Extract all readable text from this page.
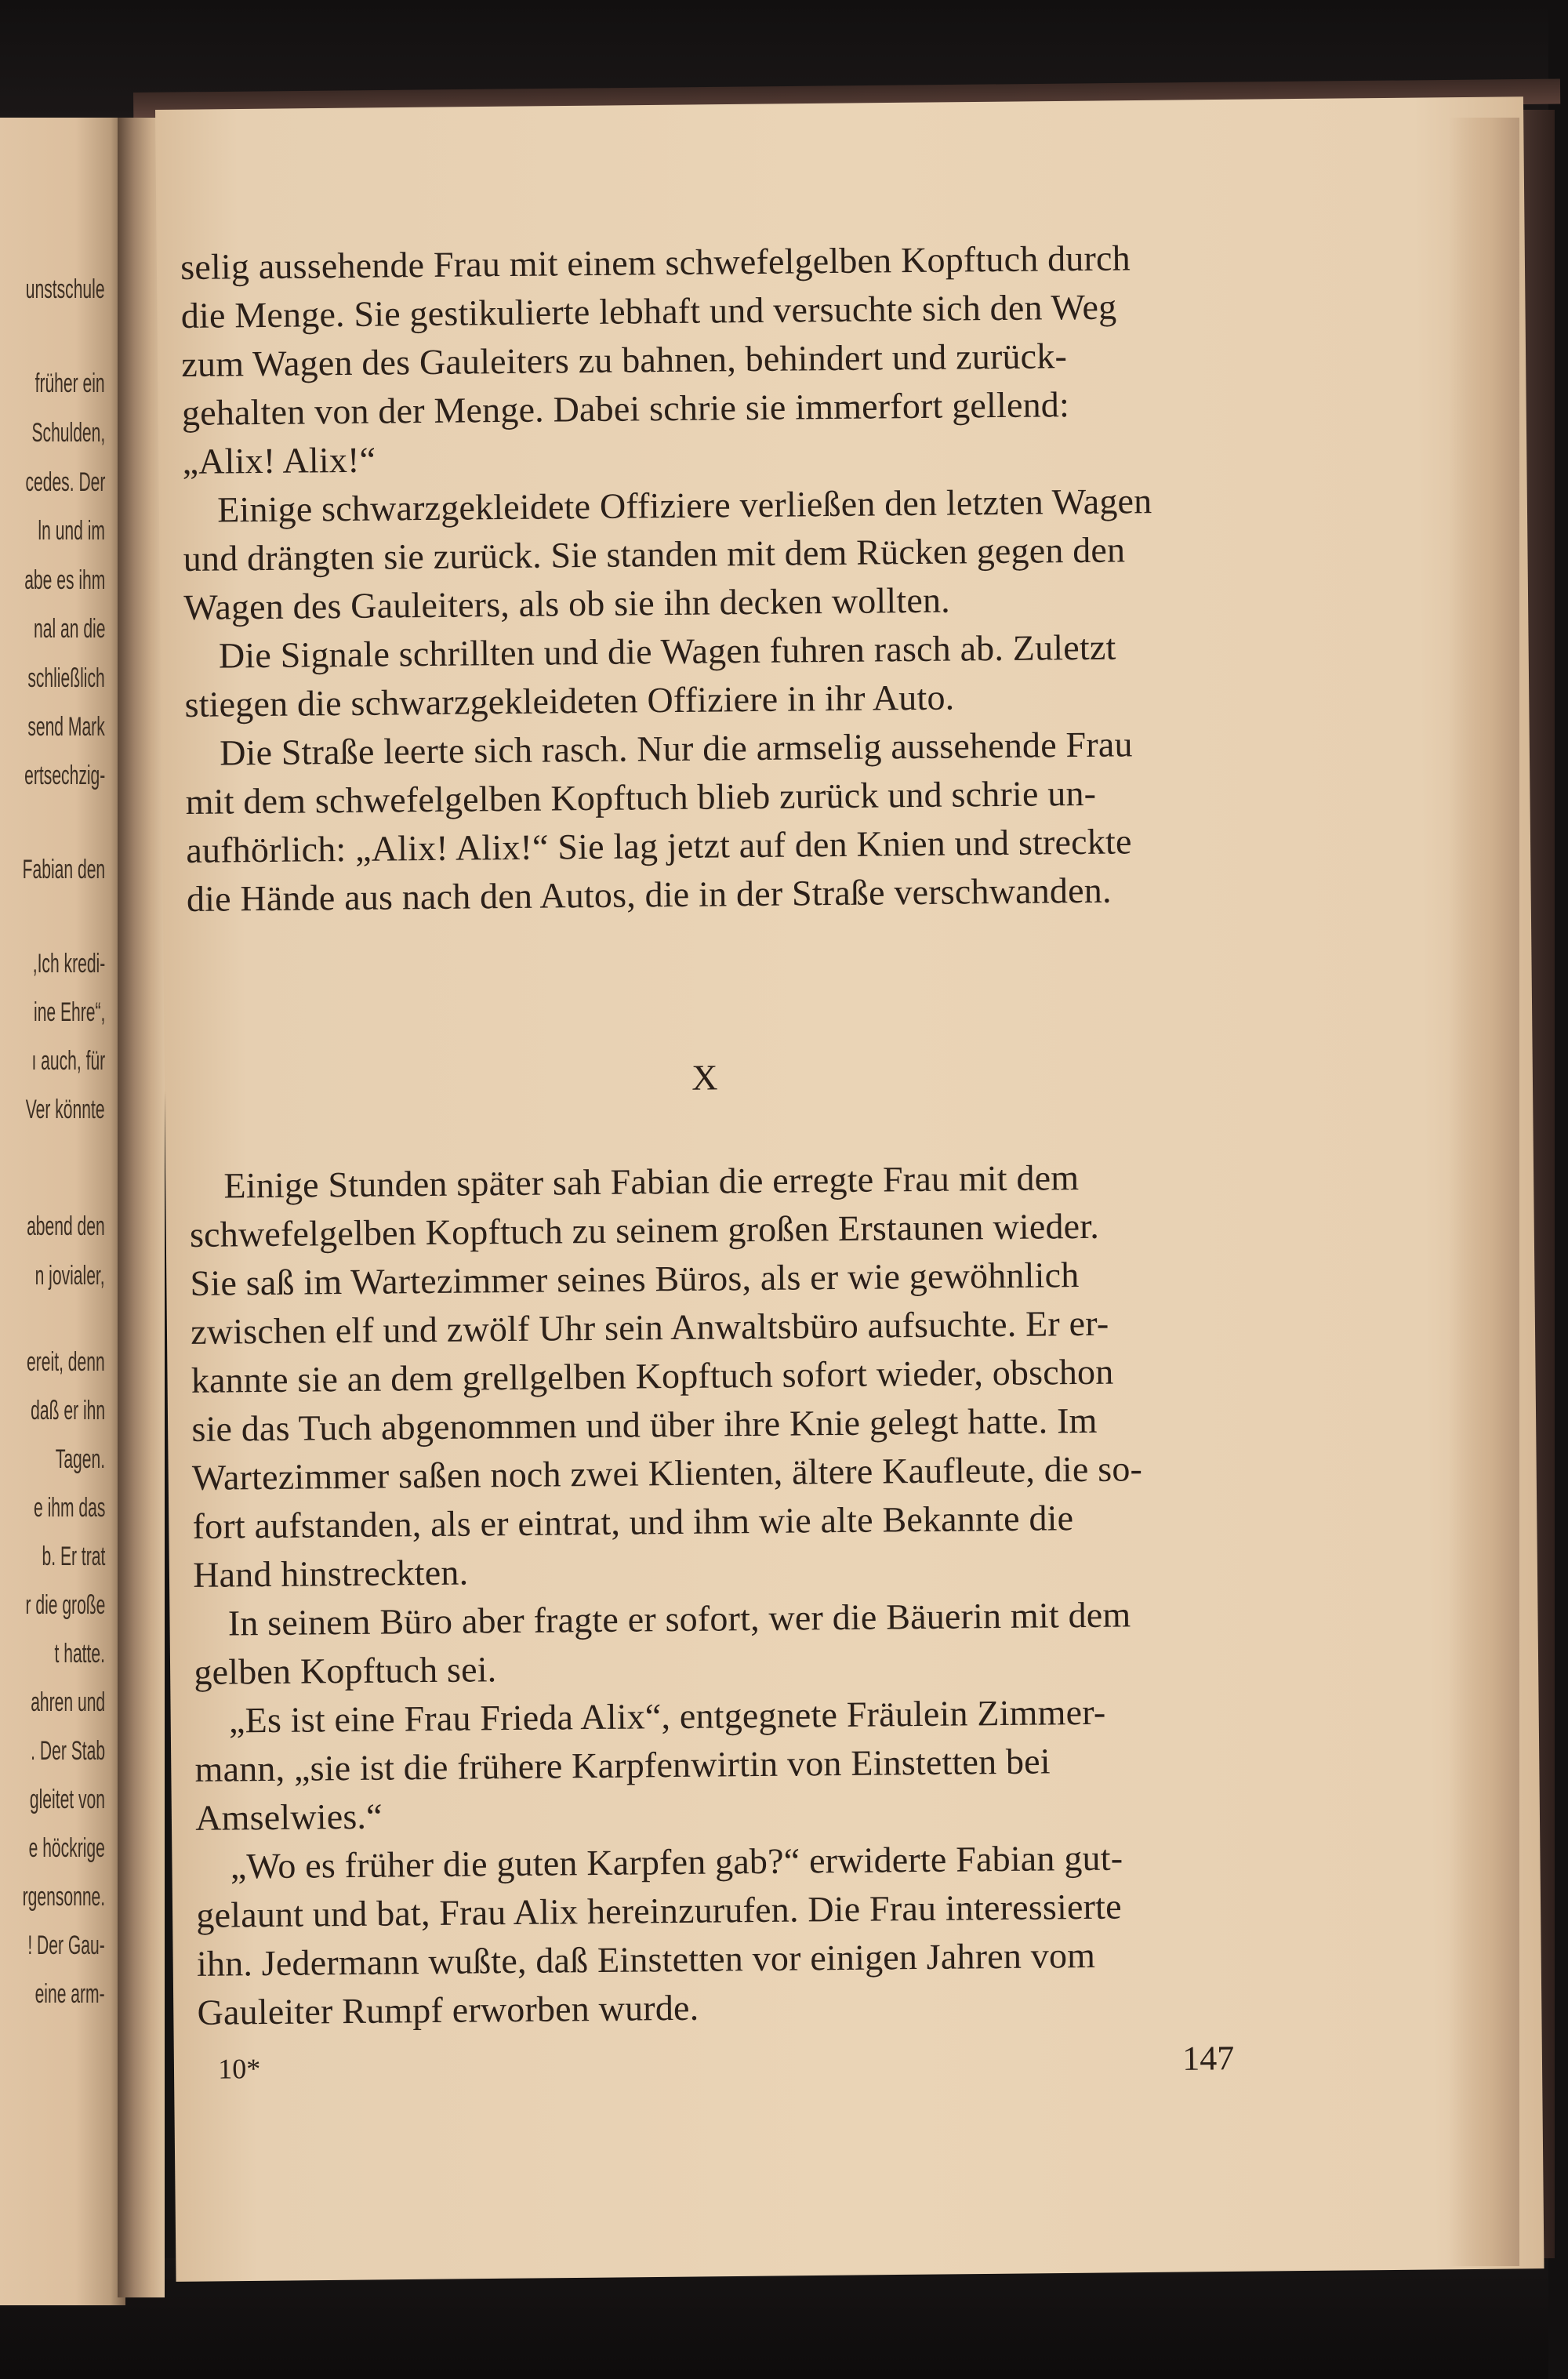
unstschule
früher ein
Schulden,
cedes. Der
ln und im
abe es ihm
nal an die
schließlich
send Mark
ertsechzig-
Fabian den
,Ich kredi-
ine Ehre“,
ı auch, für
Ver könnte
abend den
n jovialer,
ereit, denn
daß er ihn
Tagen.
e ihm das
b. Er trat
r die große
t hatte.
ahren und
. Der Stab
gleitet von
e höckrige
rgensonne.
! Der Gau-
eine arm-
selig aussehende Frau mit einem schwefelgelben Kopftuch durch
die Menge. Sie gestikulierte lebhaft und versuchte sich den Weg
zum Wagen des Gauleiters zu bahnen, behindert und zurück-
gehalten von der Menge. Dabei schrie sie immerfort gellend:
„Alix! Alix!“
Einige schwarzgekleidete Offiziere verließen den letzten Wagen
und drängten sie zurück. Sie standen mit dem Rücken gegen den
Wagen des Gauleiters, als ob sie ihn decken wollten.
Die Signale schrillten und die Wagen fuhren rasch ab. Zuletzt
stiegen die schwarzgekleideten Offiziere in ihr Auto.
Die Straße leerte sich rasch. Nur die armselig aussehende Frau
mit dem schwefelgelben Kopftuch blieb zurück und schrie un-
aufhörlich: „Alix! Alix!“ Sie lag jetzt auf den Knien und streckte
die Hände aus nach den Autos, die in der Straße verschwanden.
X
Einige Stunden später sah Fabian die erregte Frau mit dem
schwefelgelben Kopftuch zu seinem großen Erstaunen wieder.
Sie saß im Wartezimmer seines Büros, als er wie gewöhnlich
zwischen elf und zwölf Uhr sein Anwaltsbüro aufsuchte. Er er-
kannte sie an dem grellgelben Kopftuch sofort wieder, obschon
sie das Tuch abgenommen und über ihre Knie gelegt hatte. Im
Wartezimmer saßen noch zwei Klienten, ältere Kaufleute, die so-
fort aufstanden, als er eintrat, und ihm wie alte Bekannte die
Hand hinstreckten.
In seinem Büro aber fragte er sofort, wer die Bäuerin mit dem
gelben Kopftuch sei.
„Es ist eine Frau Frieda Alix“, entgegnete Fräulein Zimmer-
mann, „sie ist die frühere Karpfenwirtin von Einstetten bei
Amselwies.“
„Wo es früher die guten Karpfen gab?“ erwiderte Fabian gut-
gelaunt und bat, Frau Alix hereinzurufen. Die Frau interessierte
ihn. Jedermann wußte, daß Einstetten vor einigen Jahren vom
Gauleiter Rumpf erworben wurde.
10*	147
